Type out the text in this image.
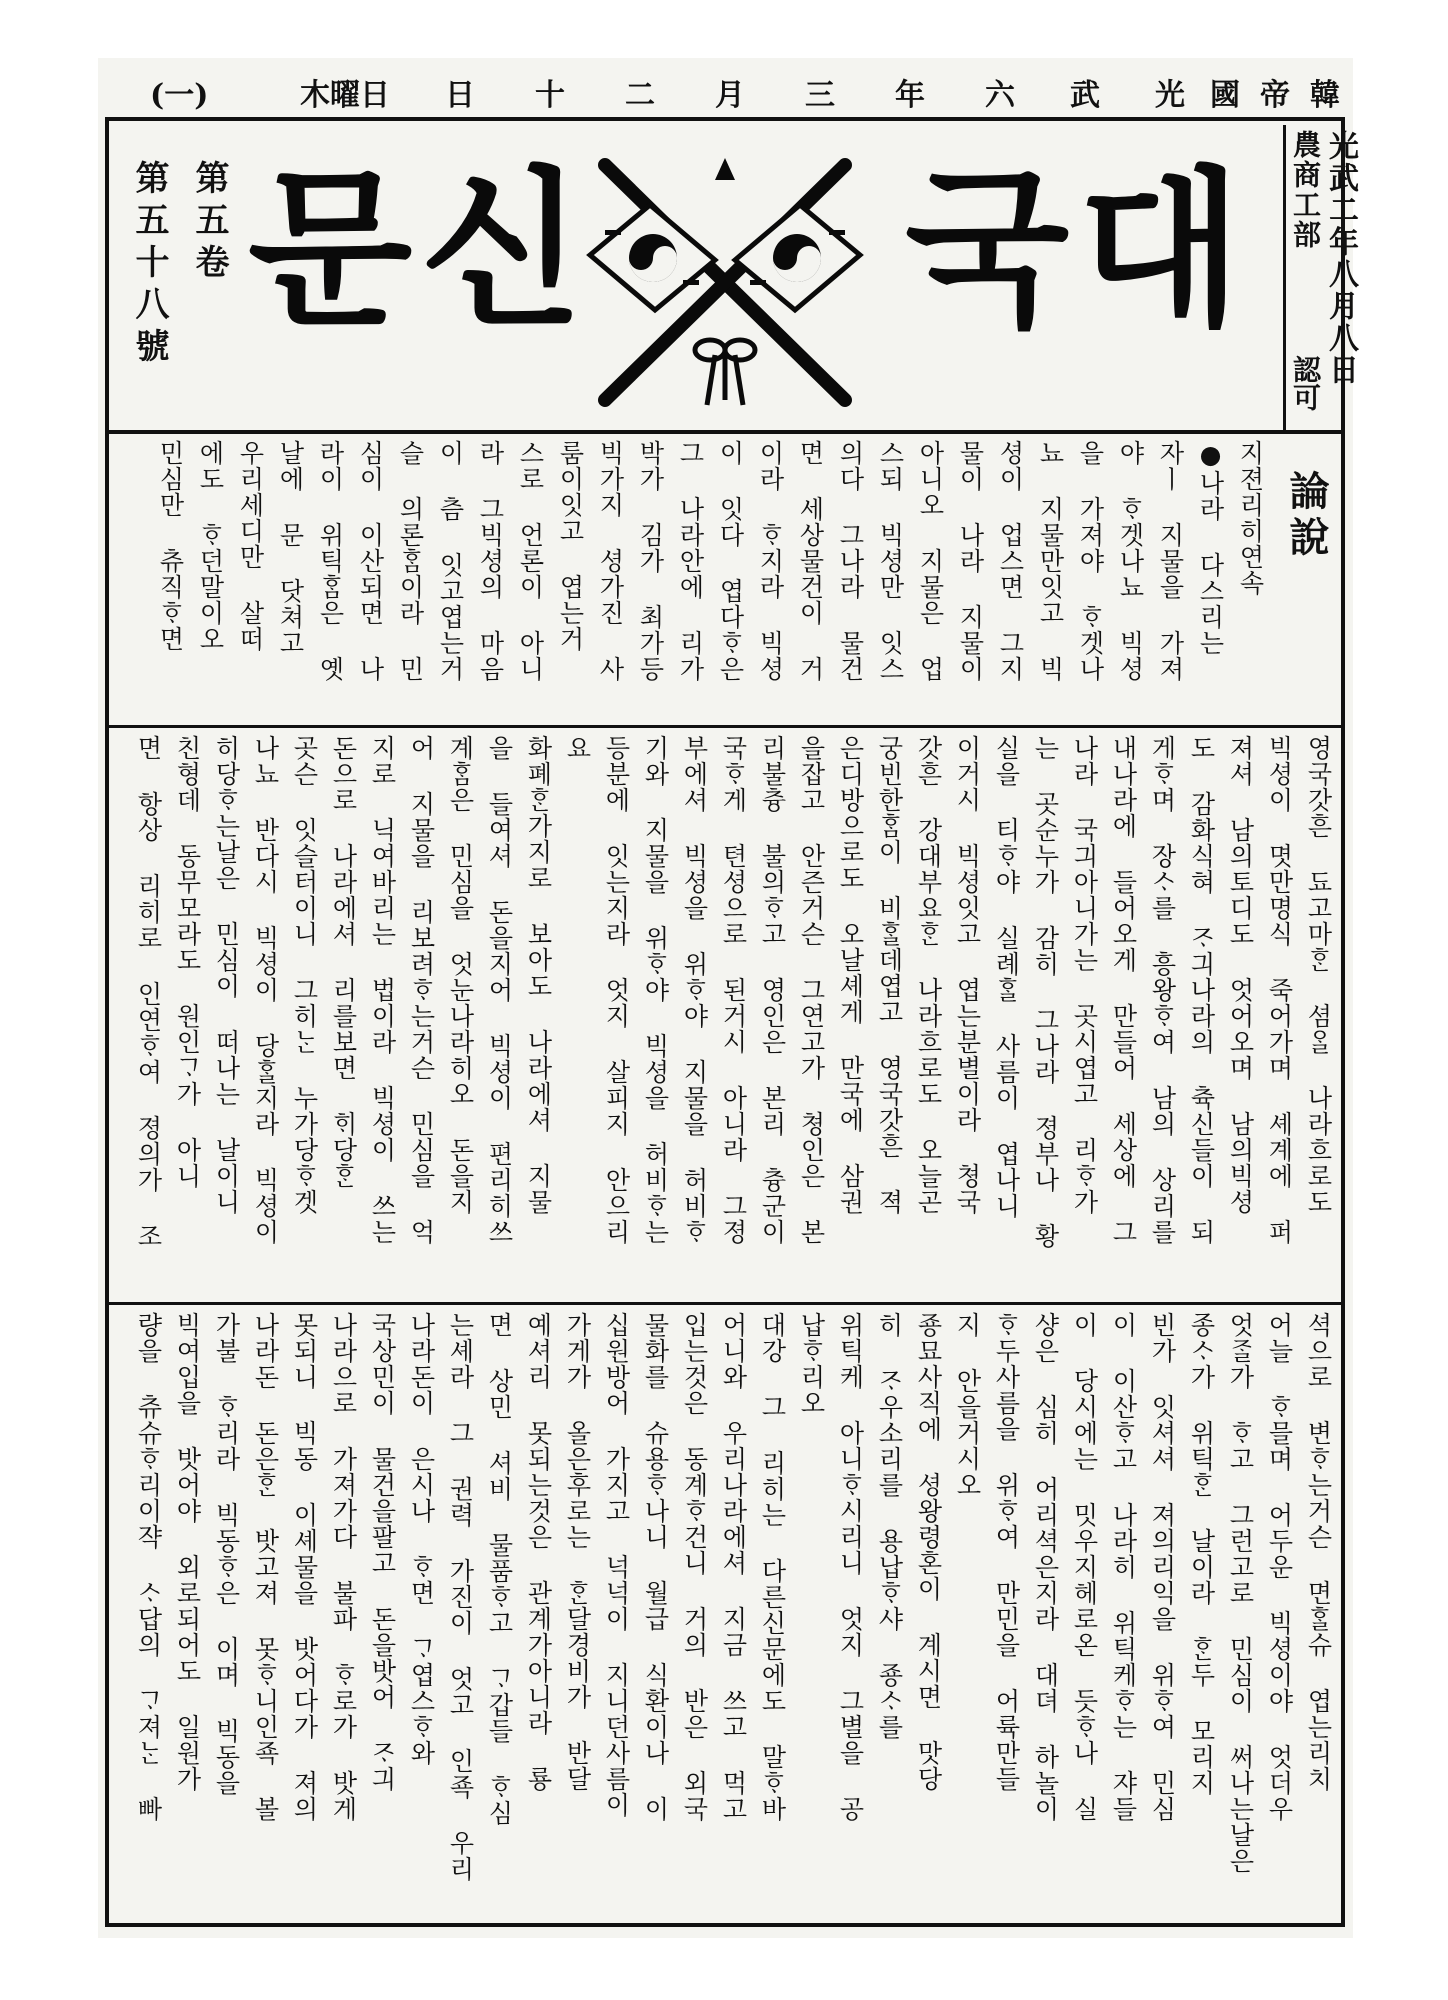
(一)	木曜日 日 十 二 月 三 年 六 武 光 國 帝 韓
第五十八號 第五卷 문 신 국 대	光武二年八月八日
農商工部
認可
論說
지젼리히연속
●나라 다스리는
자ㅣ 지물을 가져
야 ᄒᆞ겟나뇨 빅셩
을 가져야 ᄒᆞ겟나
뇨 지물만잇고 빅
셩이 업스면 그지
물이 나라 지물이
아니오 지물은 업
스되 빅셩만 잇스
의다 그나라 물건
면 세상물건이 거
이라 ᄒᆞ지라 빅셩
이 잇다 엽다ᄒᆞ은
그 나라안에 리가
박가 김가 최가등
빅가지 셩가진 사
룸이잇고 엽는거
스로 언론이 아니
라 그빅셩의 마음
이 츰 잇고엽는거
슬 의론ᄒᆞᆷ이라 민
심이 이산되면 나
라이 위틱ᄒᆞᆷ은 옛
날에 문 닷쳐고
우리세디만 살떠
에도 ᄒᆞ던말이오
민심만 츄직ᄒᆞ면
영국갓흔 됴고마ᄒᆞᆫ 셤ᄋᆞᆯ 나라흐로도
빅셩이 몃만명식 죽어가며 셰계에 퍼
져셔 남의토디도 엇어오며 남의빅셩
도 감화식혀 ᄌᆞ긔나라의 츅신들이 되
게ᄒᆞ며 장ᄉᆞ를 흥왕ᄒᆞ여 남의 상리를
내나라에 들어오게 만들어 세상에 그
나라 국긔아니가는 곳시엽고 리ᄒᆞ가
는 곳순누가 감히 그나라 졍부나 황
실을 티ᄒᆞ야 실례ᄒᆞᆯ 사름이 엽나니
이거시 빅셩잇고 엽는분별이라 쳥국
갓흔 강대부요ᄒᆞᆫ 나라흐로도 오늘곤
궁빈한ᄒᆞᆷ이 비ᄒᆞᆯ데엽고 영국갓흔 젹
은디방으로도 오날셰게 만국에 삼권
을잡고 안즌거슨 그연고가 쳥인은 본
리불츙 불의ᄒᆞ고 영인은 본리 츙군이
국ᄒᆞ게 텬셩으로 된거시 아니라 그졍
부에셔 빅셩을 위ᄒᆞ야 지물을 허비ᄒᆞ
기와 지물을 위ᄒᆞ야 빅셩을 허비ᄒᆞ는
등분에 잇는지라 엇지 살피지 안으리
요
화폐ᄒᆞᆫ가지로 보아도 나라에셔 지물
을 들여셔 돈을지어 빅셩이 편리히쓰
계ᄒᆞᆷ은 민심을 엇눈나라히오 돈을지
어 지물을 리보려ᄒᆞ는거슨 민심을 억
지로 닉여바리는 법이라 빅셩이 쓰는
돈으로 나라에셔 리를보면 ᄒᆡ당ᄒᆞᆫ
곳슨 잇슬터이니 그히ᄂᆞᆫ 누가당ᄒᆞ겟
나뇨 반다시 빅셩이 당ᄒᆞᆯ지라 빅셩이
히당ᄒᆞ는날은 민심이 떠나는 날이니
친형데 동무모라도 원인ᄀᆞ가 아니
면 항상 리히로 인연ᄒᆞ여 졍의가 조
셕으로 변ᄒᆞ는거슨 면ᄒᆞᆯ슈 엽는리치
어늘 ᄒᆞ믈며 어두운 빅셩이야 엇더우
엇ᄌᆞᆯ가 ᄒᆞ고 그런고로 민심이 써나는날은
종ᄉᆞ가 위틱ᄒᆞᆫ 날이라 ᄒᆞᆫ두 모리지
빈가 잇셔셔 져의리익을 위ᄒᆞ여 민심
이 이산ᄒᆞ고 나라히 위틱케ᄒᆞ는 쟈들
이 당시에는 밋우지헤로온 듯ᄒᆞ나 실
샹은 심히 어리셕은지라 대뎌 하놀이
ᄒᆞ두사름을 위ᄒᆞ여 만민을 어륙만들
지 안을거시오
죵묘사직에 셩왕령혼이 계시면 맛당
히 ᄌᆞ우소리를 용납ᄒᆞ샤 죵ᄉᆞ를
위틱케 아니ᄒᆞ시리니 엇지 그별을 공
납ᄒᆞ리오
대강 그 리히는 다른신문에도 말ᄒᆞ바
어니와 우리나라에셔 지금 쓰고 먹고
입는것은 동계ᄒᆞ건니 거의 반은 외국
물화를 슈용ᄒᆞ나니 월급 식환이나 이
십원방어 가지고 넉넉이 지니던사름이
가게가 올은후로는 ᄒᆞᆫ달경비가 반달
예셔리 못되는것은 관계가아니라 룡
면 상민 셔비 물품ᄒᆞ고 ᄀᆞ갑들 ᄒᆞ심
는셰라 그 권력 가진이 엇고 인죡 우리
나라돈이 은시나 ᄒᆞ면 ᄀᆞ엽스ᄒᆞ와
국상민이 물건을팔고 돈을밧어 ᄌᆞ긔
나라으로 가져가다 불파 ᄒᆞ로가 밧게
못되니 빅동 이셰물을 밧어다가 져의
나라돈 돈은ᄒᆞᆫ 밧고져 못ᄒᆞ니인죡 볼
가불 ᄒᆞ리라 빅동ᄒᆞ은 이며 빅동을
빅여입을 밧어야 외로되어도 일원가
량을 츄슈ᄒᆞ리이쟉 ᄉᆞ답의 ᄀᆞ져ᄂᆞᆫ 빠
